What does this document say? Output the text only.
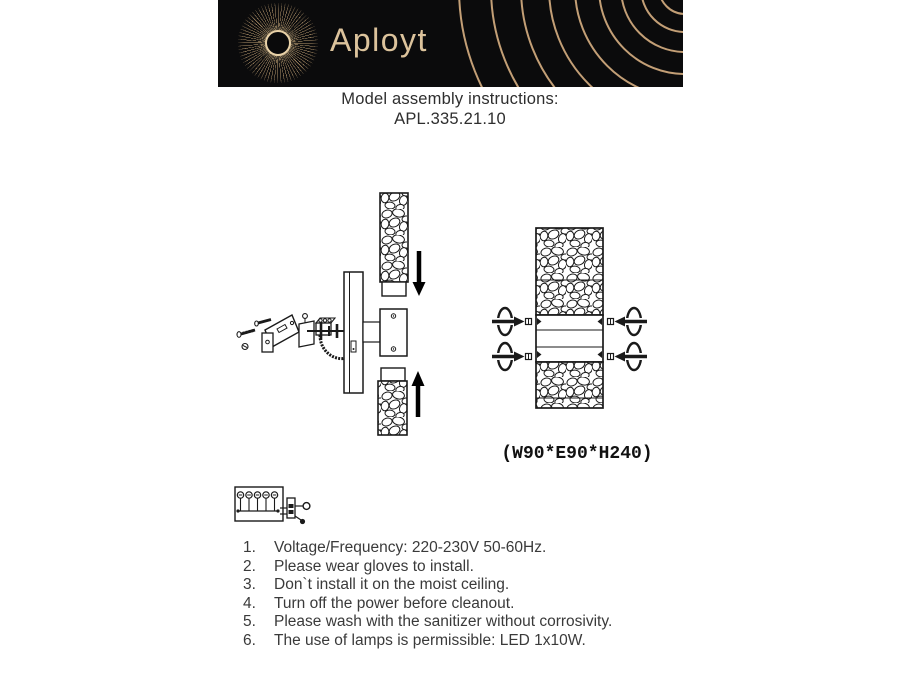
Aployt
Model assembly instructions:
APL.335.21.10
(W90*E90*H240)
1.	Voltage/Frequency: 220-230V 50-60Hz.
2.	Please wear gloves to install.
3.	Don`t install it on the moist ceiling.
4.	Turn off the power before cleanout.
5.	Please wash with the sanitizer without corrosivity.
6.	The use of lamps is permissible: LED 1x10W.
